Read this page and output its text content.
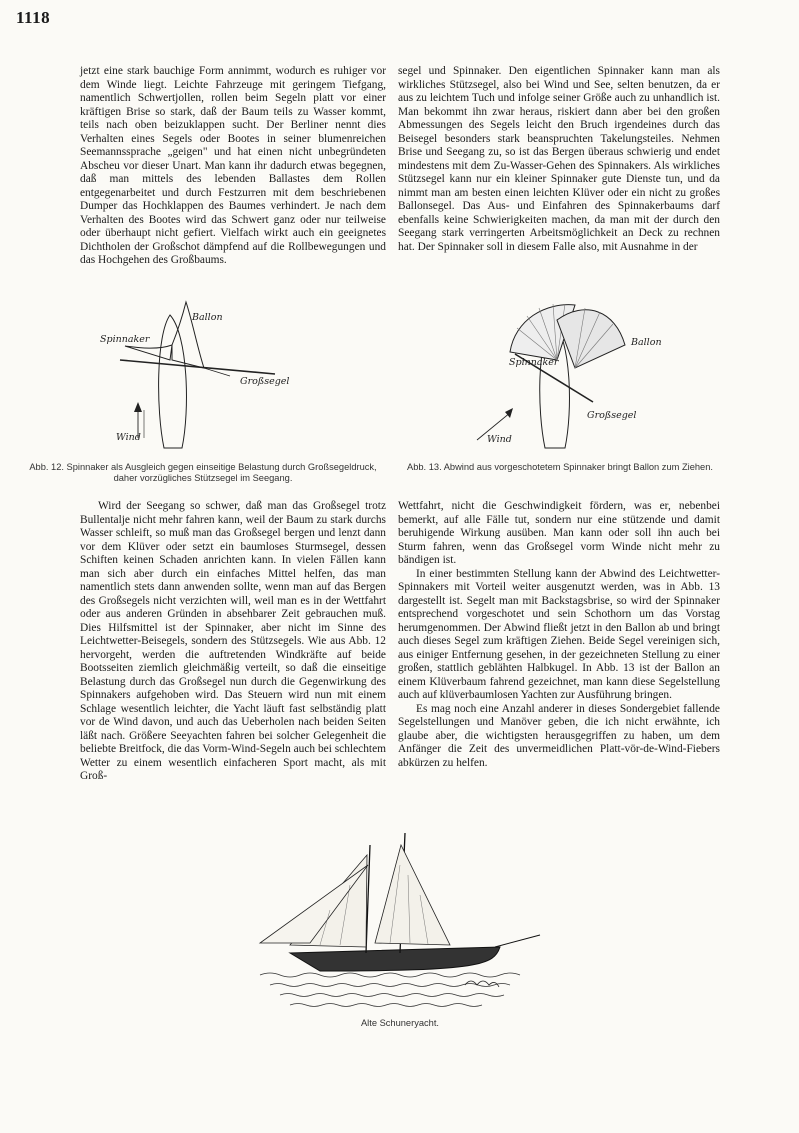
1118

jetzt eine stark bauchige Form annimmt, wodurch es ruhiger vor dem Winde liegt. Leichte Fahrzeuge mit geringem Tiefgang, namentlich Schwertjollen, rollen beim Segeln platt vor einer kräftigen Brise so stark, daß der Baum teils zu Wasser kommt, teils nach oben beizuklappen sucht. Der Berliner nennt dies Verhalten eines Segels oder Bootes in seiner blumenreichen Seemannssprache „geigen" und hat einen nicht unbegründeten Abscheu vor dieser Unart. Man kann ihr dadurch etwas begegnen, daß man mittels des lebenden Ballastes dem Rollen entgegenarbeitet und durch Festzurren mit dem beschriebenen Dumper das Hochklappen des Baumes verhindert. Je nach dem Verhalten des Bootes wird das Schwert ganz oder nur teilweise oder überhaupt nicht gefiert. Vielfach wirkt auch ein geeignetes Dichtholen der Großschot dämpfend auf die Rollbewegungen und das Hochgehen des Großbaums.

segel und Spinnaker. Den eigentlichen Spinnaker kann man als wirkliches Stützsegel, also bei Wind und See, selten benutzen, da er aus zu leichtem Tuch und infolge seiner Größe auch zu unhandlich ist. Man bekommt ihn zwar heraus, riskiert dann aber bei den großen Abmessungen des Segels leicht den Bruch irgendeines durch das Beisegel besonders stark beanspruchten Takelungsteiles. Nehmen Brise und Seegang zu, so ist das Bergen überaus schwierig und endet mindestens mit dem Zu-Wasser-Gehen des Spinnakers. Als wirkliches Stützsegel kann nur ein kleiner Spinnaker gute Dienste tun, und da nimmt man am besten einen leichten Klüver oder ein nicht zu großes Ballonsegel. Das Aus- und Einfahren des Spinnakerbaums darf ebenfalls keine Schwierigkeiten machen, da man mit der durch den Seegang stark verringerten Arbeitsmöglichkeit an Deck zu rechnen hat. Der Spinnaker soll in diesem Falle also, mit Ausnahme in der

Spinnaker
Ballon
Großsegel
Wind
Spinnaker
Ballon
Großsegel
Wind
Abb. 12. Spinnaker als Ausgleich gegen einseitige Belastung durch Großsegeldruck, daher vorzügliches Stützsegel im Seegang.
Abb. 13. Abwind aus vorgeschotetem Spinnaker bringt Ballon zum Ziehen.

Wird der Seegang so schwer, daß man das Großsegel trotz Bullentalje nicht mehr fahren kann, weil der Baum zu stark durchs Wasser schleift, so muß man das Großsegel bergen und lenzt dann vor dem Klüver oder setzt ein baumloses Sturmsegel, dessen Schiften keinen Schaden anrichten kann. In vielen Fällen kann man sich aber durch ein einfaches Mittel helfen, das man namentlich stets dann anwenden sollte, wenn man auf das Bergen des Großsegels nicht verzichten will, weil man es in der Wettfahrt oder aus anderen Gründen in absehbarer Zeit gebrauchen muß. Dies Hilfsmittel ist der Spinnaker, aber nicht im Sinne des Leichtwetter-Beisegels, sondern des Stützsegels. Wie aus Abb. 12 hervorgeht, werden die auftretenden Windkräfte auf beide Bootsseiten ziemlich gleichmäßig verteilt, so daß die einseitige Belastung durch das Großsegel nun durch die Gegenwirkung des Spinnakers aufgehoben wird. Das Steuern wird nun mit einem Schlage wesentlich leichter, die Yacht läuft fast selbständig platt vor de Wind davon, und auch das Ueberholen nach beiden Seiten läßt nach. Größere Seeyachten fahren bei solcher Gelegenheit die beliebte Breitfock, die das Vorm-Wind-Segeln auch bei schlechtem Wetter zu einem wesentlich einfacheren Sport macht, als mit Groß-

Wettfahrt, nicht die Geschwindigkeit fördern, was er, nebenbei bemerkt, auf alle Fälle tut, sondern nur eine stützende und damit beruhigende Wirkung ausüben. Man kann oder soll ihn auch bei Sturm fahren, wenn das Großsegel vorm Winde nicht mehr zu bändigen ist.

In einer bestimmten Stellung kann der Abwind des Leichtwetter-Spinnakers mit Vorteil weiter ausgenutzt werden, was in Abb. 13 dargestellt ist. Segelt man mit Backstagsbrise, so wird der Spinnaker entsprechend vorgeschotet und sein Schothorn um das Vorstag herumgenommen. Der Abwind fließt jetzt in den Ballon ab und bringt auch dieses Segel zum kräftigen Ziehen. Beide Segel vereinigen sich, aus einiger Entfernung gesehen, in der gezeichneten Stellung zu einer großen, stattlich geblähten Halbkugel. In Abb. 13 ist der Ballon an einem Klüverbaum fahrend gezeichnet, man kann diese Segelstellung auch auf klüverbaumlosen Yachten zur Ausführung bringen.

Es mag noch eine Anzahl anderer in dieses Sondergebiet fallende Segelstellungen und Manöver geben, die ich nicht erwähnte, ich glaube aber, die wichtigsten herausgegriffen zu haben, um dem Anfänger die Zeit des unvermeidlichen Platt-vör-de-Wind-Fiebers abkürzen zu helfen.

Alte Schuneryacht.
